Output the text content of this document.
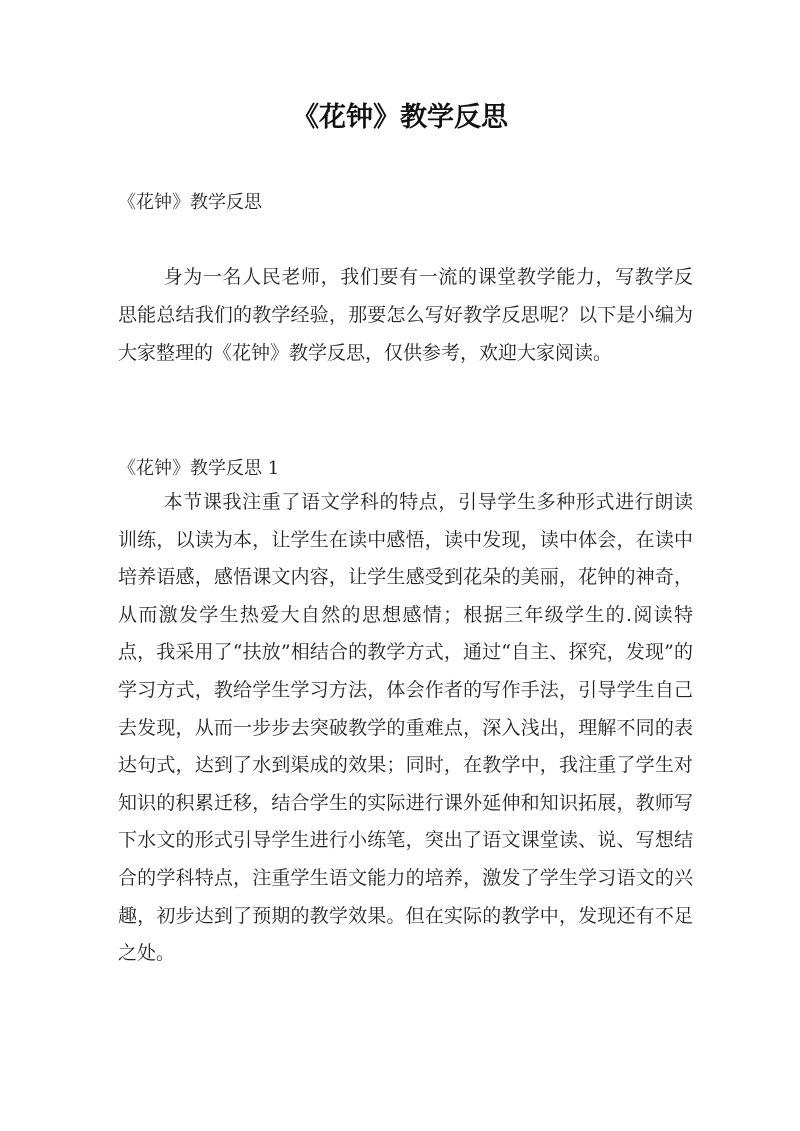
《花钟》教学反思

《花钟》教学反思

身为一名人民老师，我们要有一流的课堂教学能力，写教学反思能总结我们的教学经验，那要怎么写好教学反思呢？以下是小编为大家整理的《花钟》教学反思，仅供参考，欢迎大家阅读。

《花钟》教学反思 1

本节课我注重了语文学科的特点，引导学生多种形式进行朗读训练，以读为本，让学生在读中感悟，读中发现，读中体会，在读中培养语感，感悟课文内容，让学生感受到花朵的美丽，花钟的神奇，从而激发学生热爱大自然的思想感情；根据三年级学生的.阅读特点，我采用了“扶放”相结合的教学方式，通过“自主、探究，发现”的学习方式，教给学生学习方法，体会作者的写作手法，引导学生自己去发现，从而一步步去突破教学的重难点，深入浅出，理解不同的表达句式，达到了水到渠成的效果；同时，在教学中，我注重了学生对知识的积累迁移，结合学生的实际进行课外延伸和知识拓展，教师写下水文的形式引导学生进行小练笔，突出了语文课堂读、说、写想结合的学科特点，注重学生语文能力的培养，激发了学生学习语文的兴趣，初步达到了预期的教学效果。但在实际的教学中，发现还有不足之处。
